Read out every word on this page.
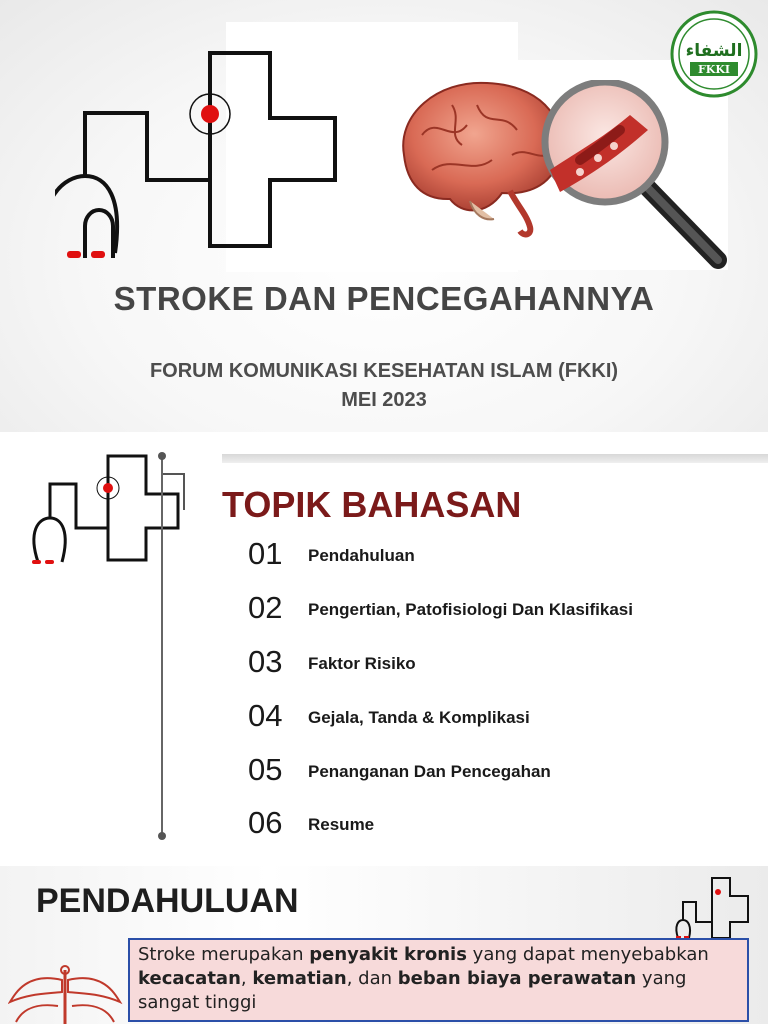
الشفاء
FKKI
STROKE DAN PENCEGAHANNYA
FORUM KOMUNIKASI KESEHATAN ISLAM (FKKI)
MEI 2023
TOPIK BAHASAN
01 Pendahuluan
02 Pengertian, Patofisiologi Dan Klasifikasi
03 Faktor Risiko
04 Gejala, Tanda & Komplikasi
05 Penanganan Dan Pencegahan
06 Resume
PENDAHULUAN
Stroke merupakan penyakit kronis yang dapat menyebabkan kecacatan, kematian, dan beban biaya perawatan yang sangat tinggi
